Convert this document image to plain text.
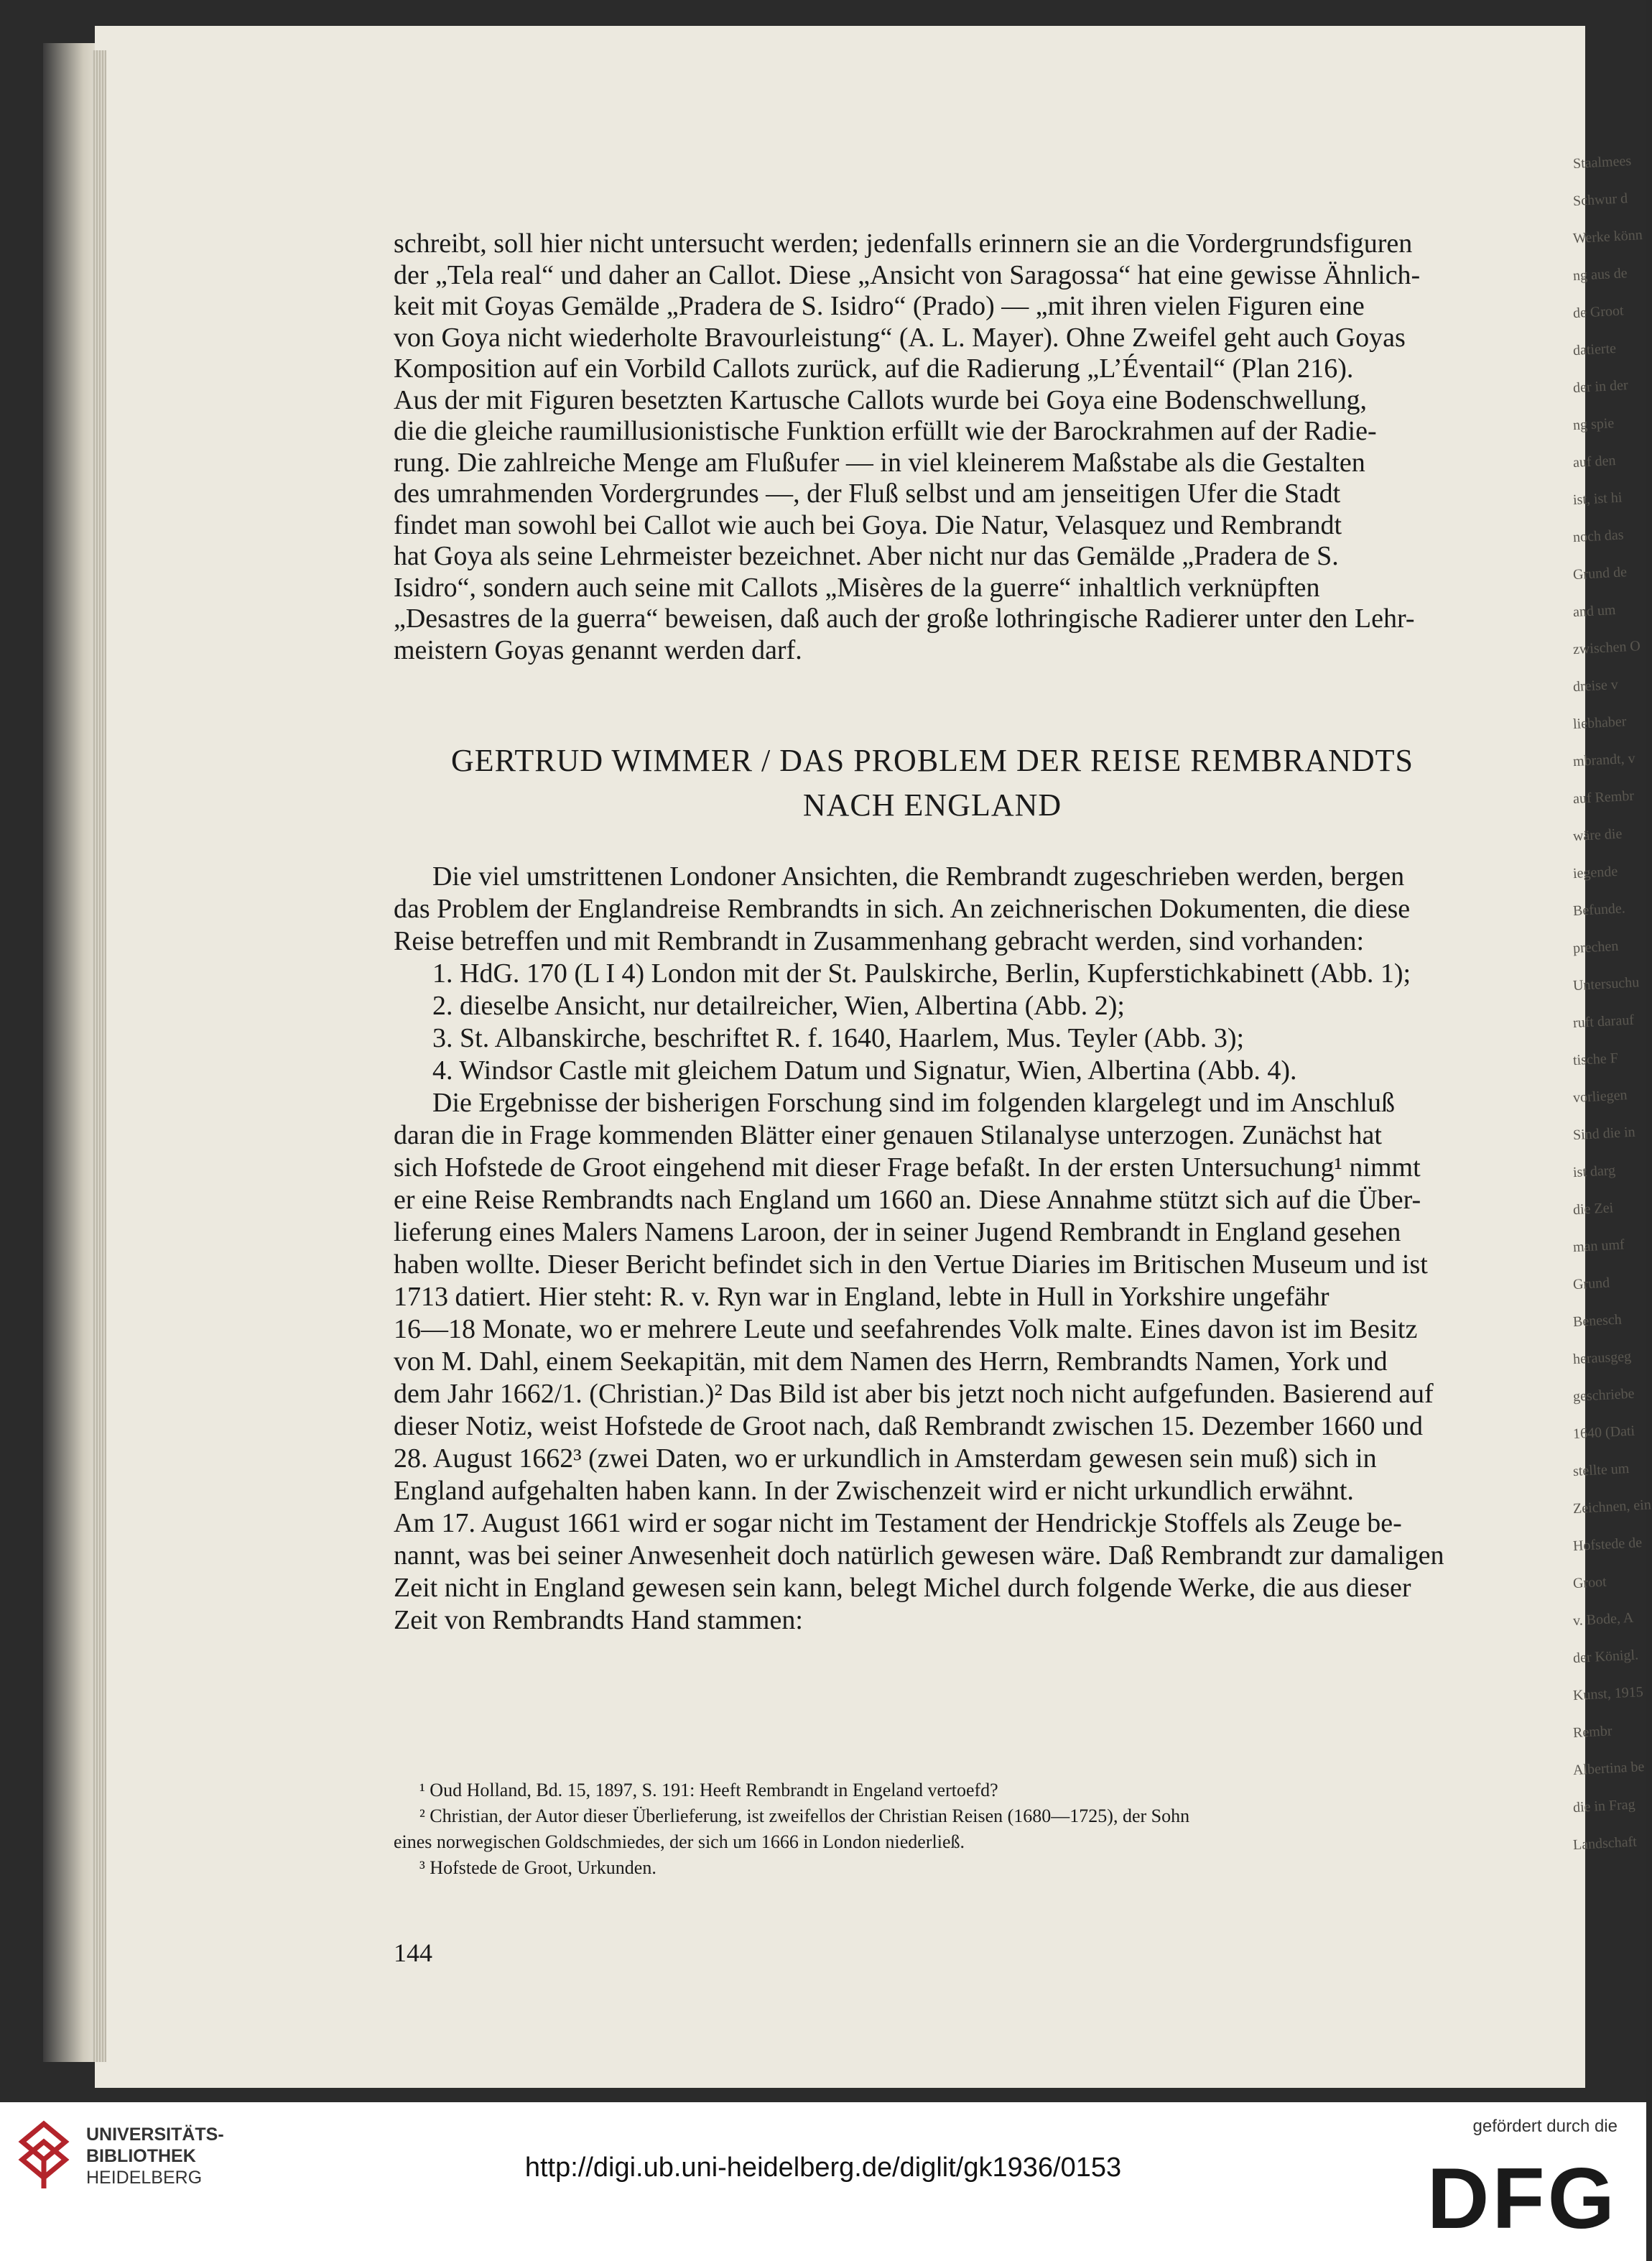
schreibt, soll hier nicht untersucht werden; jedenfalls erinnern sie an die Vordergrundsfiguren
der „Tela real“ und daher an Callot. Diese „Ansicht von Saragossa“ hat eine gewisse Ähnlich-
keit mit Goyas Gemälde „Pradera de S. Isidro“ (Prado) — „mit ihren vielen Figuren eine
von Goya nicht wiederholte Bravourleistung“ (A. L. Mayer). Ohne Zweifel geht auch Goyas
Komposition auf ein Vorbild Callots zurück, auf die Radierung „L’Éventail“ (Plan 216).
Aus der mit Figuren besetzten Kartusche Callots wurde bei Goya eine Bodenschwellung,
die die gleiche raumillusionistische Funktion erfüllt wie der Barockrahmen auf der Radie-
rung. Die zahlreiche Menge am Flußufer — in viel kleinerem Maßstabe als die Gestalten
des umrahmenden Vordergrundes —, der Fluß selbst und am jenseitigen Ufer die Stadt
findet man sowohl bei Callot wie auch bei Goya. Die Natur, Velasquez und Rembrandt
hat Goya als seine Lehrmeister bezeichnet. Aber nicht nur das Gemälde „Pradera de S.
Isidro“, sondern auch seine mit Callots „Misères de la guerre“ inhaltlich verknüpften
„Desastres de la guerra“ beweisen, daß auch der große lothringische Radierer unter den Lehr-
meistern Goyas genannt werden darf.
GERTRUD WIMMER / DAS PROBLEM DER REISE REMBRANDTS
NACH ENGLAND
Die viel umstrittenen Londoner Ansichten, die Rembrandt zugeschrieben werden, bergen
das Problem der Englandreise Rembrandts in sich. An zeichnerischen Dokumenten, die diese
Reise betreffen und mit Rembrandt in Zusammenhang gebracht werden, sind vorhanden:
1. HdG. 170 (L I 4) London mit der St. Paulskirche, Berlin, Kupferstichkabinett (Abb. 1);
2. dieselbe Ansicht, nur detailreicher, Wien, Albertina (Abb. 2);
3. St. Albanskirche, beschriftet R. f. 1640, Haarlem, Mus. Teyler (Abb. 3);
4. Windsor Castle mit gleichem Datum und Signatur, Wien, Albertina (Abb. 4).
Die Ergebnisse der bisherigen Forschung sind im folgenden klargelegt und im Anschluß
daran die in Frage kommenden Blätter einer genauen Stilanalyse unterzogen. Zunächst hat
sich Hofstede de Groot eingehend mit dieser Frage befaßt. In der ersten Untersuchung¹ nimmt
er eine Reise Rembrandts nach England um 1660 an. Diese Annahme stützt sich auf die Über-
lieferung eines Malers Namens Laroon, der in seiner Jugend Rembrandt in England gesehen
haben wollte. Dieser Bericht befindet sich in den Vertue Diaries im Britischen Museum und ist
1713 datiert. Hier steht: R. v. Ryn war in England, lebte in Hull in Yorkshire ungefähr
16—18 Monate, wo er mehrere Leute und seefahrendes Volk malte. Eines davon ist im Besitz
von M. Dahl, einem Seekapitän, mit dem Namen des Herrn, Rembrandts Namen, York und
dem Jahr 1662/1. (Christian.)² Das Bild ist aber bis jetzt noch nicht aufgefunden. Basierend auf
dieser Notiz, weist Hofstede de Groot nach, daß Rembrandt zwischen 15. Dezember 1660 und
28. August 1662³ (zwei Daten, wo er urkundlich in Amsterdam gewesen sein muß) sich in
England aufgehalten haben kann. In der Zwischenzeit wird er nicht urkundlich erwähnt.
Am 17. August 1661 wird er sogar nicht im Testament der Hendrickje Stoffels als Zeuge be-
nannt, was bei seiner Anwesenheit doch natürlich gewesen wäre. Daß Rembrandt zur damaligen
Zeit nicht in England gewesen sein kann, belegt Michel durch folgende Werke, die aus dieser
Zeit von Rembrandts Hand stammen:
¹ Oud Holland, Bd. 15, 1897, S. 191: Heeft Rembrandt in Engeland vertoefd?
² Christian, der Autor dieser Überlieferung, ist zweifellos der Christian Reisen (1680—1725), der Sohn
eines norwegischen Goldschmiedes, der sich um 1666 in London niederließ.
³ Hofstede de Groot, Urkunden.
144
Staalmees
Schwur d
Werke könn
ng aus de
de Groot
datierte
der in der
ng spie
auf den
ist, ist hi
noch das
Grund de
and um
zwischen O
dreise v
liebhaber
mbrandt, v
auf Rembr
wäre die
iegende
Befunde.
prechen
Untersuchu
ruft darauf
tische F
vorliegen
Sind die in
ist darg
die Zei
man umf
Grund
Benesch
herausgeg
geschriebe
1640 (Dati
stellte um
Zeichnen, ein
Hofstede de
Groot
v. Bode, A
der Königl.
Kunst, 1915
Rembr
Albertina be
die in Frag
Landschaft
UNIVERSITÄTS-
BIBLIOTHEK
HEIDELBERG	http://digi.ub.uni-heidelberg.de/diglit/gk1936/0153
gefördert durch die
DFG
